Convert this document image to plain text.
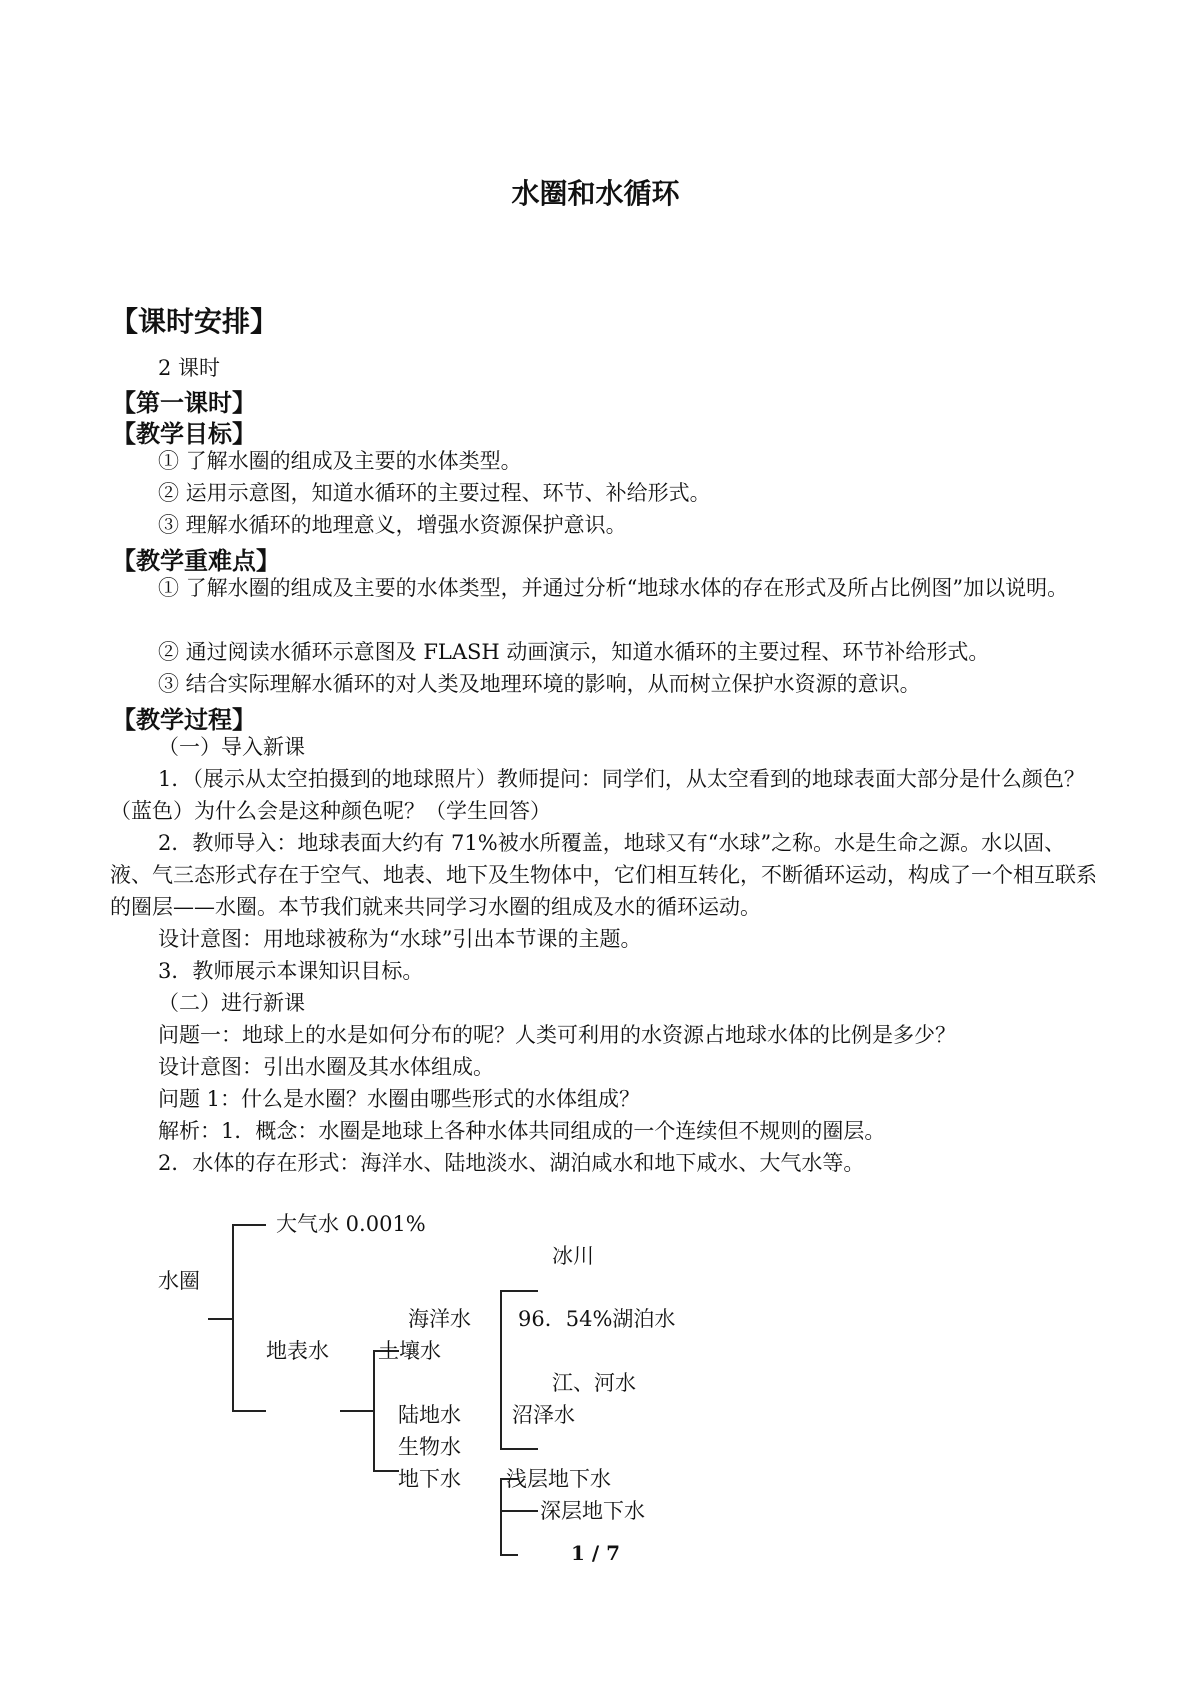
水圈和水循环
【课时安排】
2 课时
【第一课时】
【教学目标】
① 了解水圈的组成及主要的水体类型。
② 运用示意图，知道水循环的主要过程、环节、补给形式。
③ 理解水循环的地理意义，增强水资源保护意识。
【教学重难点】
① 了解水圈的组成及主要的水体类型，并通过分析“地球水体的存在形式及所占比例图”加以说明。
② 通过阅读水循环示意图及 FLASH 动画演示，知道水循环的主要过程、环节补给形式。
③ 结合实际理解水循环的对人类及地理环境的影响，从而树立保护水资源的意识。
【教学过程】
（一）导入新课
1．（展示从太空拍摄到的地球照片）教师提问：同学们，从太空看到的地球表面大部分是什么颜色？（蓝色）为什么会是这种颜色呢？（学生回答）
2．教师导入：地球表面大约有 71%被水所覆盖，地球又有“水球”之称。水是生命之源。水以固、液、气三态形式存在于空气、地表、地下及生物体中，它们相互转化，不断循环运动，构成了一个相互联系的圈层——水圈。本节我们就来共同学习水圈的组成及水的循环运动。
设计意图：用地球被称为“水球”引出本节课的主题。
3．教师展示本课知识目标。
（二）进行新课
问题一：地球上的水是如何分布的呢？人类可利用的水资源占地球水体的比例是多少？
设计意图：引出水圈及其水体组成。
问题 1：什么是水圈？水圈由哪些形式的水体组成？
解析：1．概念：水圈是地球上各种水体共同组成的一个连续但不规则的圈层。
2．水体的存在形式：海洋水、陆地淡水、湖泊咸水和地下咸水、大气水等。
水圈
大气水 0.001%
地表水
海洋水
土壤水
陆地水
生物水
地下水
冰川
96．54%湖泊水
江、河水
沼泽水
浅层地下水
深层地下水
1 / 7
